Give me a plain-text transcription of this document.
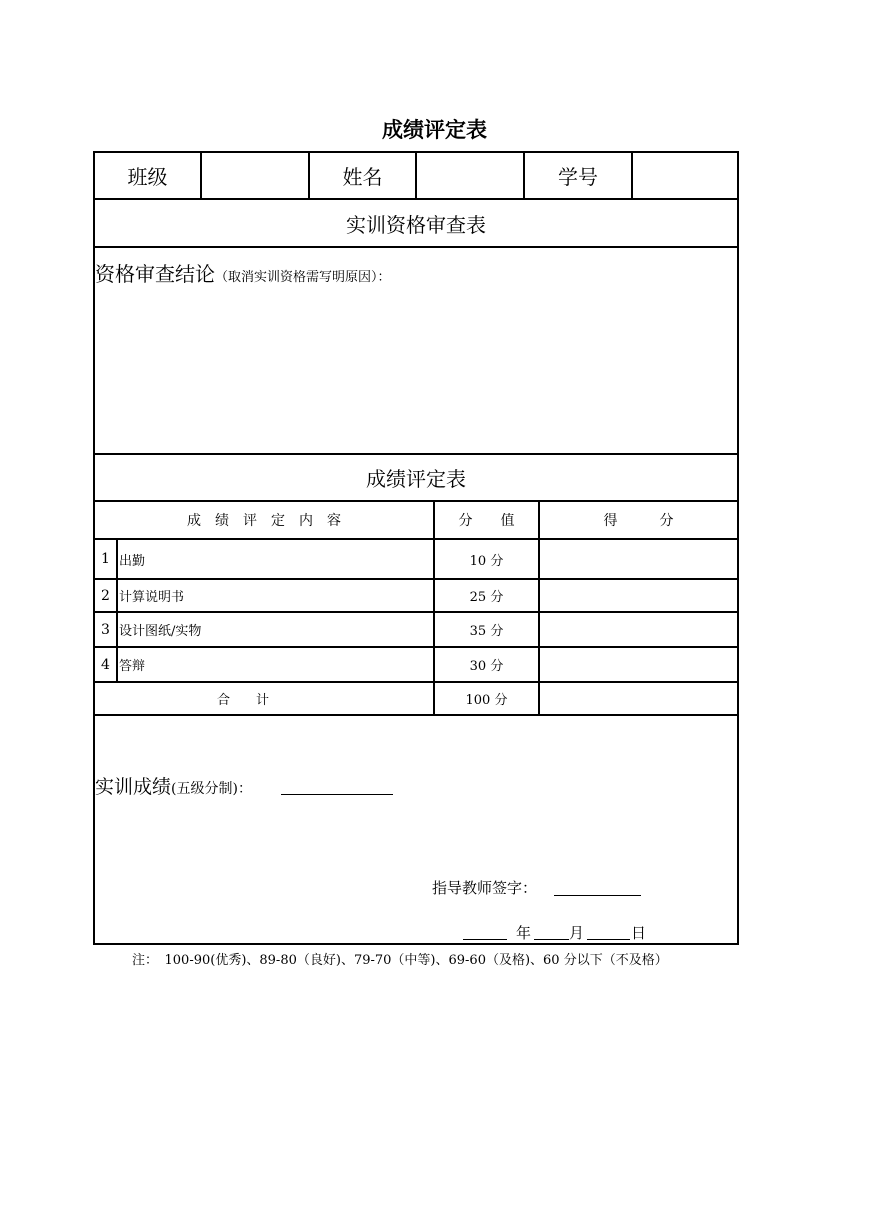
成绩评定表
班级	姓名	学号
实训资格审查表
资格审查结论（取消实训资格需写明原因）：
成绩评定表
成　绩　评　定　内　容	分　　值	得　　　分
1 出勤	10 分
2 计算说明书	25 分
3 设计图纸/实物	35 分
4 答辩	30 分
合　　计	100 分
实训成绩(五级分制)：
指导教师签字：
年	月	日
注：　100-90(优秀)、89-80（良好)、79-70（中等)、69-60（及格)、60 分以下（不及格）
